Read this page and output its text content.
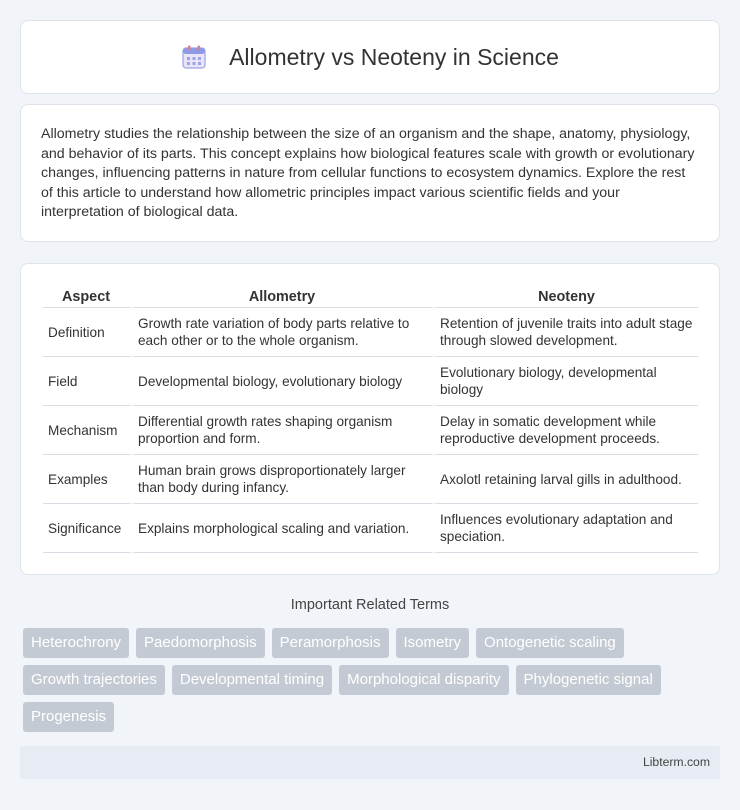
Allometry vs Neoteny in Science

Allometry studies the relationship between the size of an organism and the shape, anatomy, physiology, and behavior of its parts. This concept explains how biological features scale with growth or evolutionary changes, influencing patterns in nature from cellular functions to ecosystem dynamics. Explore the rest of this article to understand how allometric principles impact various scientific fields and your interpretation of biological data.

Aspect	Allometry	Neoteny
Definition	Growth rate variation of body parts relative to each other or to the whole organism.	Retention of juvenile traits into adult stage through slowed development.
Field	Developmental biology, evolutionary biology	Evolutionary biology, developmental biology
Mechanism	Differential growth rates shaping organism proportion and form.	Delay in somatic development while reproductive development proceeds.
Examples	Human brain grows disproportionately larger than body during infancy.	Axolotl retaining larval gills in adulthood.
Significance	Explains morphological scaling and variation.	Influences evolutionary adaptation and speciation.
Important Related Terms
Heterochrony	Paedomorphosis	Peramorphosis	Isometry	Ontogenetic scaling
Growth trajectories	Developmental timing	Morphological disparity	Phylogenetic signal
Progenesis
Libterm.com
